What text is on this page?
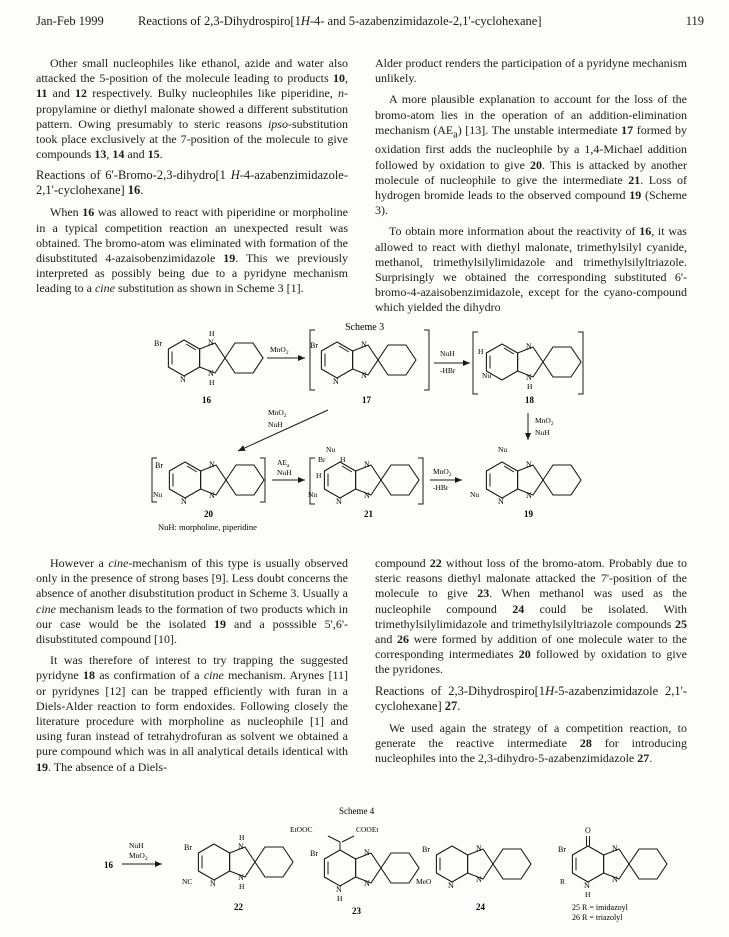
Jan-Feb 1999	Reactions of 2,3-Dihydrospiro[1H-4- and 5-azabenzimidazole-2,1'-cyclohexane]	119

Other small nucleophiles like ethanol, azide and water also attacked the 5-position of the molecule leading to products 10, 11 and 12 respectively. Bulky nucleophiles like piperidine, n-propylamine or diethyl malonate showed a different substitution pattern. Owing presumably to steric reasons ipso-substitution took place exclusively at the 7-position of the molecule to give compounds 13, 14 and 15.

Reactions of 6'-Bromo-2,3-dihydro[1 H-4-azabenzimidazole-2,1'-cyclohexane] 16.

When 16 was allowed to react with piperidine or morpholine in a typical competition reaction an unexpected result was obtained. The bromo-atom was eliminated with formation of the disubstituted 4-azaisobenzimidazole 19. This we previously interpreted as possibly being due to a pyridyne mechanism leading to a cine substitution as shown in Scheme 3 [1].

Alder product renders the participation of a pyridyne mechanism unlikely.

A more plausible explanation to account for the loss of the bromo-atom lies in the operation of an addition-elimination mechanism $(AE_a)$ [13]. The unstable intermediate 17 formed by oxidation first adds the nucleophile by a 1,4-Michael addition followed by oxidation to give 20. This is attacked by another molecule of nucleophile to give the intermediate 21. Loss of hydrogen bromide leads to the observed compound 19 (Scheme 3).

To obtain more information about the reactivity of 16, it was allowed to react with diethyl malonate, trimethylsilyl cyanide, methanol, trimethylsilylimidazole and trimethylsilyltriazole. Surprisingly we obtained the corresponding substituted 6'-bromo-4-azaisobenzimidazole, except for the cyano-compound which yielded the dihydro

Scheme 3
Br
H
N
N
H
N
16
MnO$_2$
Br	N
N
N
17
NuH
-HBr
H
Nu
N
N
H
18
MnO$_2$
NuH	MnO$_2$
NuH
Br
Nu
N
N
N
20
$AE_a$
NuH
Nu
Br H
H
Nu
N
N
N
21
MnO$_2$
-HBr
Nu
Nu
N
N
N
19
NuH: morpholine, piperidine

However a cine-mechanism of this type is usually observed only in the presence of strong bases [9]. Less doubt concerns the absence of another disubstitution product in Scheme 3. Usually a cine mechanism leads to the formation of two products which in our case would be the isolated 19 and a posssible 5',6'-disubstituted compound [10].

It was therefore of interest to try trapping the suggested pyridyne 18 as confirmation of a cine mechanism. Arynes [11] or pyridynes [12] can be trapped efficiently with furan in a Diels-Alder reaction to form endoxides. Following closely the literature procedure with morpholine as nucleophile [1] and using furan instead of tetrahydrofuran as solvent we obtained a pure compound which was in all analytical details identical with 19. The absence of a Diels-

compound 22 without loss of the bromo-atom. Probably due to steric reasons diethyl malonate attacked the 7'-position of the molecule to give 23. When methanol was used as the nucleophile compound 24 could be isolated. With trimethylsilylimidazole and trimethylsilyltriazole compounds 25 and 26 were formed by addition of one molecule water to the corresponding intermediates 20 followed by oxidation to give the pyridones.

Reactions of 2,3-Dihydrospiro[1H-5-azabenzimidazole 2,1'-cyclohexane] 27.

We used again the strategy of a competition reaction, to generate the reactive intermediate 28 for introducing nucleophiles into the 2,3-dihydro-5-azabenzimidazole 27.

Scheme 4
16
NuH
MnO$_2$
Br
NC
H
N
N
H
N
22
EtOOC	COOEt
Br	N
N
N
H
23
Br
MeO
N
N
N
24
O
Br
R
N
N
N
H
25 R = imidazoyl
26 R = triazolyl
